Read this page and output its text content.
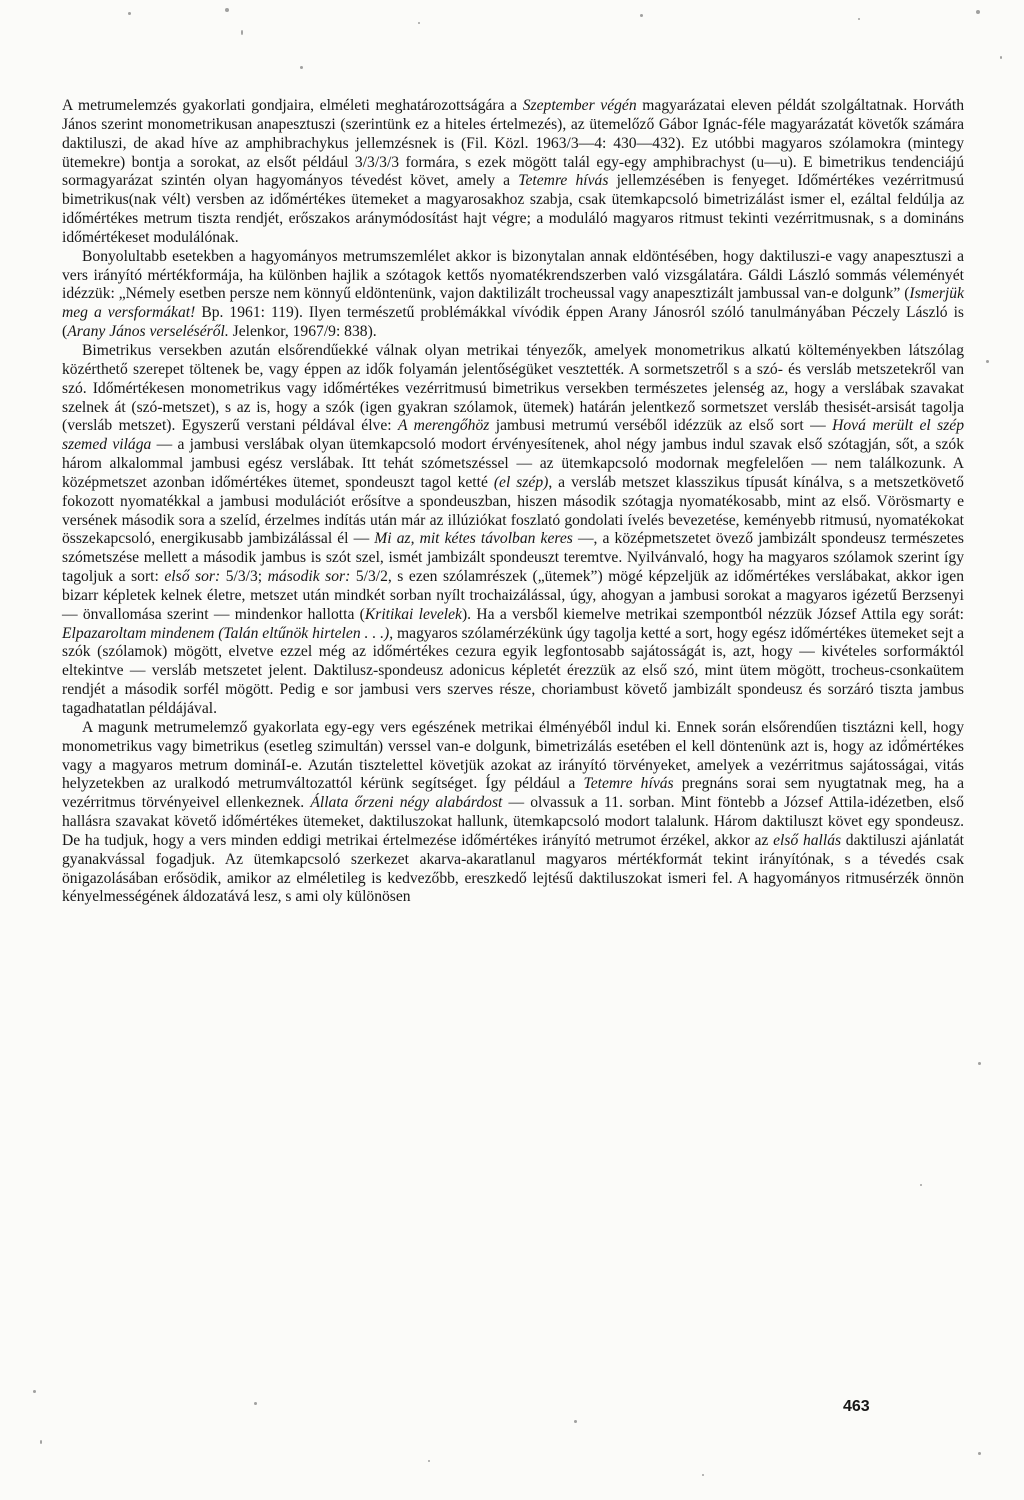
A metrumelemzés gyakorlati gondjaira, elméleti meghatározottságára a Szeptember végén magyarázatai eleven példát szolgáltatnak. Horváth János szerint monometrikusan anapesztuszi (szerintünk ez a hiteles értelmezés), az ütemelőző Gábor Ignác-féle magyarázatát követők számára daktiluszi, de akad híve az amphibrachykus jellemzésnek is (Fil. Közl. 1963/3—4: 430—432). Ez utóbbi magyaros szólamokra (mintegy ütemekre) bontja a sorokat, az elsőt például 3/3/3/3 formára, s ezek mögött talál egy-egy amphibrachyst (u—u). E bimetrikus tendenciájú sormagyarázat szintén olyan hagyományos tévedést követ, amely a Tetemre hívás jellemzésében is fenyeget. Időmértékes vezérritmusú bimetrikus(nak vélt) versben az időmértékes ütemeket a magyarosakhoz szabja, csak ütemkapcsoló bimetrizálást ismer el, ezáltal feldúlja az időmértékes metrum tiszta rendjét, erőszakos aránymódosítást hajt végre; a moduláló magyaros ritmust tekinti vezérritmusnak, s a domináns időmértékeset modulálónak.

Bonyolultabb esetekben a hagyományos metrumszemlélet akkor is bizonytalan annak eldöntésében, hogy daktiluszi-e vagy anapesztuszi a vers irányító mértékformája, ha különben hajlik a szótagok kettős nyomatékrendszerben való vizsgálatára. Gáldi László sommás véleményét idézzük: „Némely esetben persze nem könnyű eldöntenünk, vajon daktilizált trocheussal vagy anapesztizált jambussal van-e dolgunk” (Ismerjük meg a versformákat! Bp. 1961: 119). Ilyen természetű problémákkal vívódik éppen Arany Jánosról szóló tanulmányában Péczely László is (Arany János verseléséről. Jelenkor, 1967/9: 838).

Bimetrikus versekben azután elsőrendűekké válnak olyan metrikai tényezők, amelyek monometrikus alkatú költeményekben látszólag közérthető szerepet töltenek be, vagy éppen az idők folyamán jelentőségüket vesztették. A sormetszetről s a szó- és versláb metszetekről van szó. Időmértékesen monometrikus vagy időmértékes vezérritmusú bimetrikus versekben természetes jelenség az, hogy a verslábak szavakat szelnek át (szó-metszet), s az is, hogy a szók (igen gyakran szólamok, ütemek) határán jelentkező sormetszet versláb thesisét-arsisát tagolja (versláb metszet). Egyszerű verstani példával élve: A merengőhöz jambusi metrumú verséből idézzük az első sort — Hová merült el szép szemed világa — a jambusi verslábak olyan ütemkapcsoló modort érvényesítenek, ahol négy jambus indul szavak első szótagján, sőt, a szók három alkalommal jambusi egész verslábak. Itt tehát szómetszéssel — az ütemkapcsoló modornak megfelelően — nem találkozunk. A középmetszet azonban időmértékes ütemet, spondeuszt tagol ketté (el szép), a versláb metszet klasszikus típusát kínálva, s a metszetkövető fokozott nyomatékkal a jambusi modulációt erősítve a spondeuszban, hiszen második szótagja nyomatékosabb, mint az első. Vörösmarty e versének második sora a szelíd, érzelmes indítás után már az illúziókat foszlató gondolati ívelés bevezetése, keményebb ritmusú, nyomatékokat összekapcsoló, energikusabb jambizálással él — Mi az, mit kétes távolban keres —, a középmetszetet övező jambizált spondeusz természetes szómetszése mellett a második jambus is szót szel, ismét jambizált spondeuszt teremtve. Nyilvánvaló, hogy ha magyaros szólamok szerint így tagoljuk a sort: első sor: 5/3/3; második sor: 5/3/2, s ezen szólamrészek („ütemek”) mögé képzeljük az időmértékes verslábakat, akkor igen bizarr képletek kelnek életre, metszet után mindkét sorban nyílt trochaizálással, úgy, ahogyan a jambusi sorokat a magyaros igézetű Berzsenyi — önvallomása szerint — mindenkor hallotta (Kritikai levelek). Ha a versből kiemelve metrikai szempontból nézzük József Attila egy sorát: Elpazaroltam mindenem (Talán eltűnök hirtelen . . .), magyaros szólamérzékünk úgy tagolja ketté a sort, hogy egész időmértékes ütemeket sejt a szók (szólamok) mögött, elvetve ezzel még az időmértékes cezura egyik legfontosabb sajátosságát is, azt, hogy — kivételes sorformáktól eltekintve — versláb metszetet jelent. Daktilusz-spondeusz adonicus képletét érezzük az első szó, mint ütem mögött, trocheus-csonkaütem rendjét a második sorfél mögött. Pedig e sor jambusi vers szerves része, choriambust követő jambizált spondeusz és sorzáró tiszta jambus tagadhatatlan példájával.

A magunk metrumelemző gyakorlata egy-egy vers egészének metrikai élményéből indul ki. Ennek során elsőrendűen tisztázni kell, hogy monometrikus vagy bimetrikus (esetleg szimultán) verssel van-e dolgunk, bimetrizálás esetében el kell döntenünk azt is, hogy az időmértékes vagy a magyaros metrum domináI-e. Azután tisztelettel követjük azokat az irányító törvényeket, amelyek a vezérritmus sajátosságai, vitás helyzetekben az uralkodó metrumváltozattól kérünk segítséget. Így például a Tetemre hívás pregnáns sorai sem nyugtatnak meg, ha a vezérritmus törvényeivel ellenkeznek. Állata őrzeni négy alabárdost — olvassuk a 11. sorban. Mint föntebb a József Attila-idézetben, első hallásra szavakat követő időmértékes ütemeket, daktiluszokat hallunk, ütemkapcsoló modort talalunk. Három daktiluszt követ egy spondeusz. De ha tudjuk, hogy a vers minden eddigi metrikai értelmezése időmértékes irányító metrumot érzékel, akkor az első hallás daktiluszi ajánlatát gyanakvással fogadjuk. Az ütemkapcsoló szerkezet akarva-akaratlanul magyaros mértékformát tekint irányítónak, s a tévedés csak önigazolásában erősödik, amikor az elméletileg is kedvezőbb, ereszkedő lejtésű daktiluszokat ismeri fel. A hagyományos ritmusérzék önnön kényelmességének áldozatává lesz, s ami oly különösen

463
